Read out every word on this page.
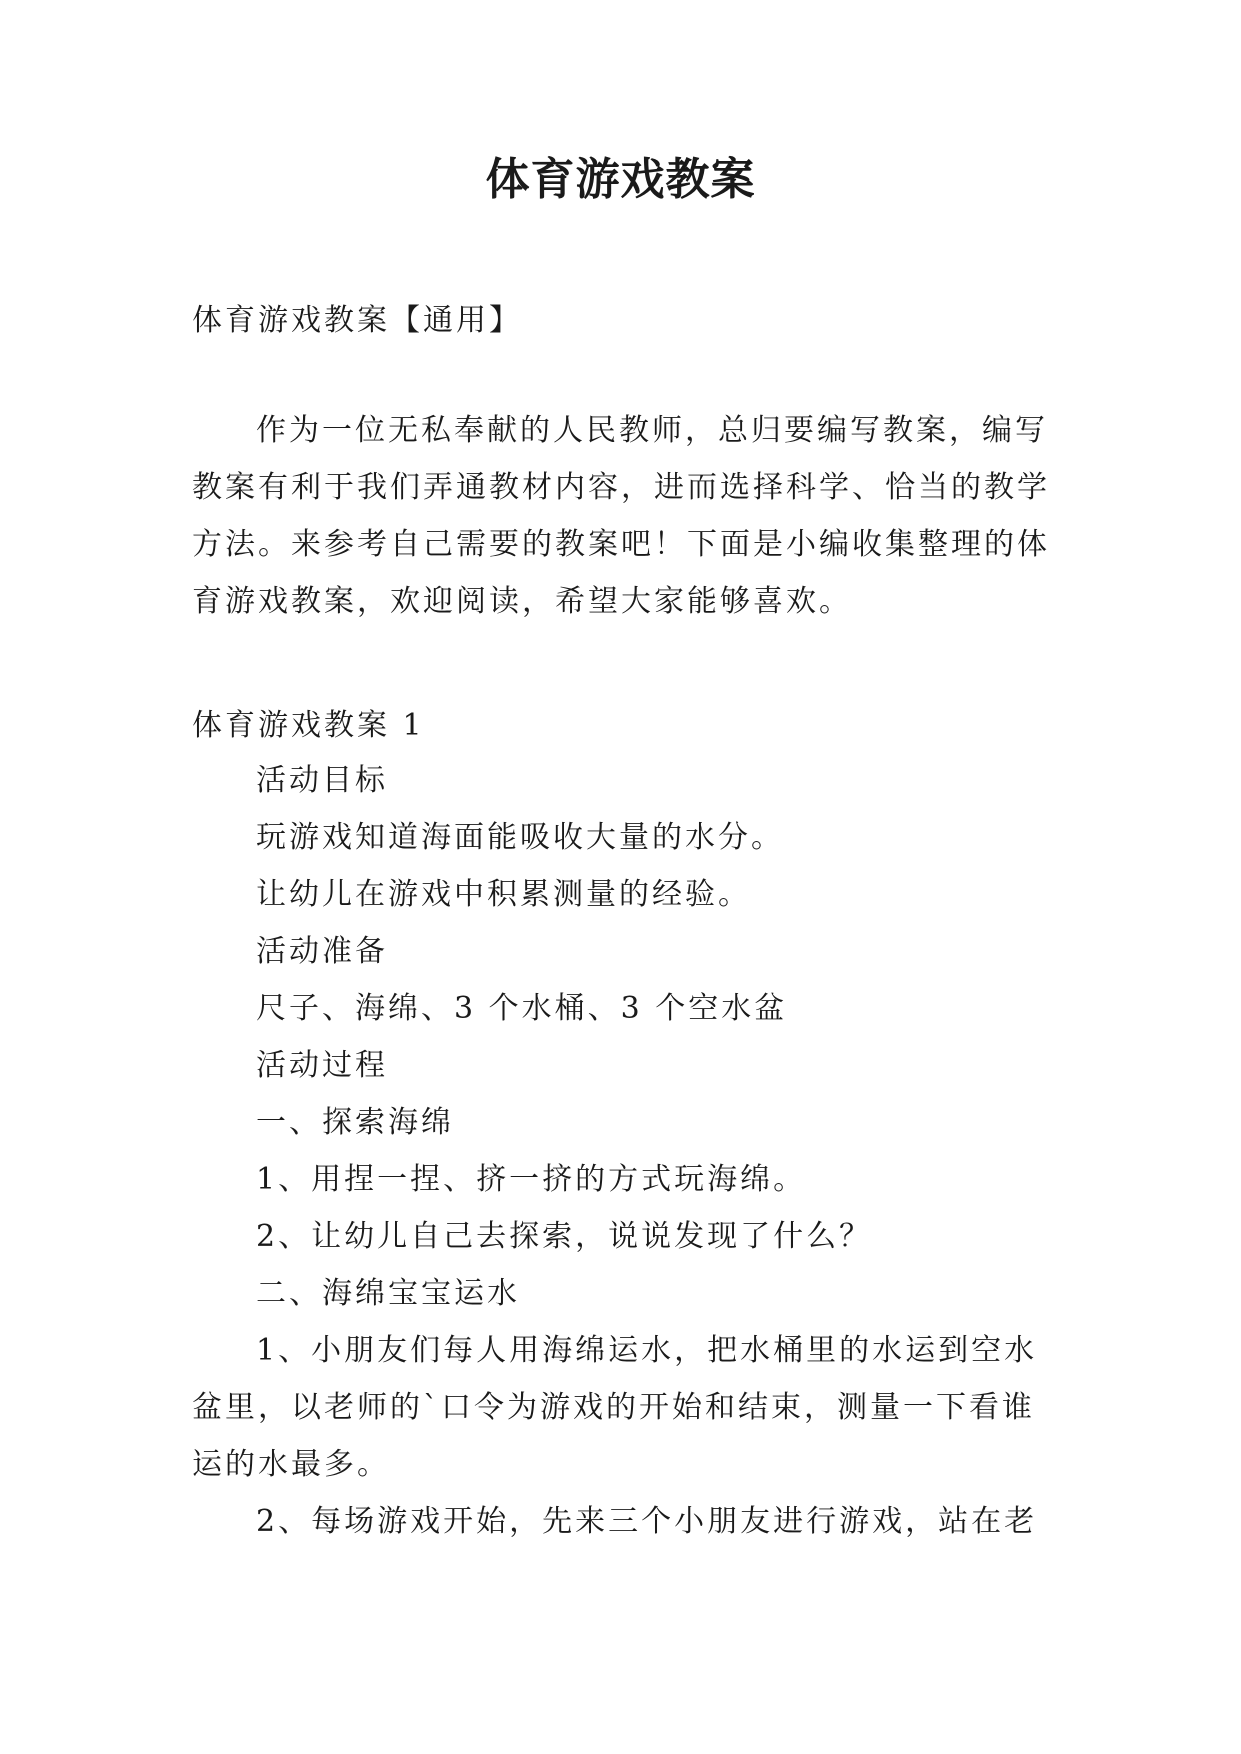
体育游戏教案
体育游戏教案【通用】
作为一位无私奉献的人民教师，总归要编写教案，编写教案有利于我们弄通教材内容，进而选择科学、恰当的教学方法。来参考自己需要的教案吧！下面是小编收集整理的体育游戏教案，欢迎阅读，希望大家能够喜欢。
体育游戏教案 1

活动目标

玩游戏知道海面能吸收大量的水分。

让幼儿在游戏中积累测量的经验。

活动准备

尺子、海绵、3 个水桶、3 个空水盆

活动过程

一、探索海绵

1、用捏一捏、挤一挤的方式玩海绵。

2、让幼儿自己去探索，说说发现了什么？

二、海绵宝宝运水

1、小朋友们每人用海绵运水，把水桶里的水运到空水盆里，以老师的`口令为游戏的开始和结束，测量一下看谁运的水最多。

2、每场游戏开始，先来三个小朋友进行游戏，站在老
